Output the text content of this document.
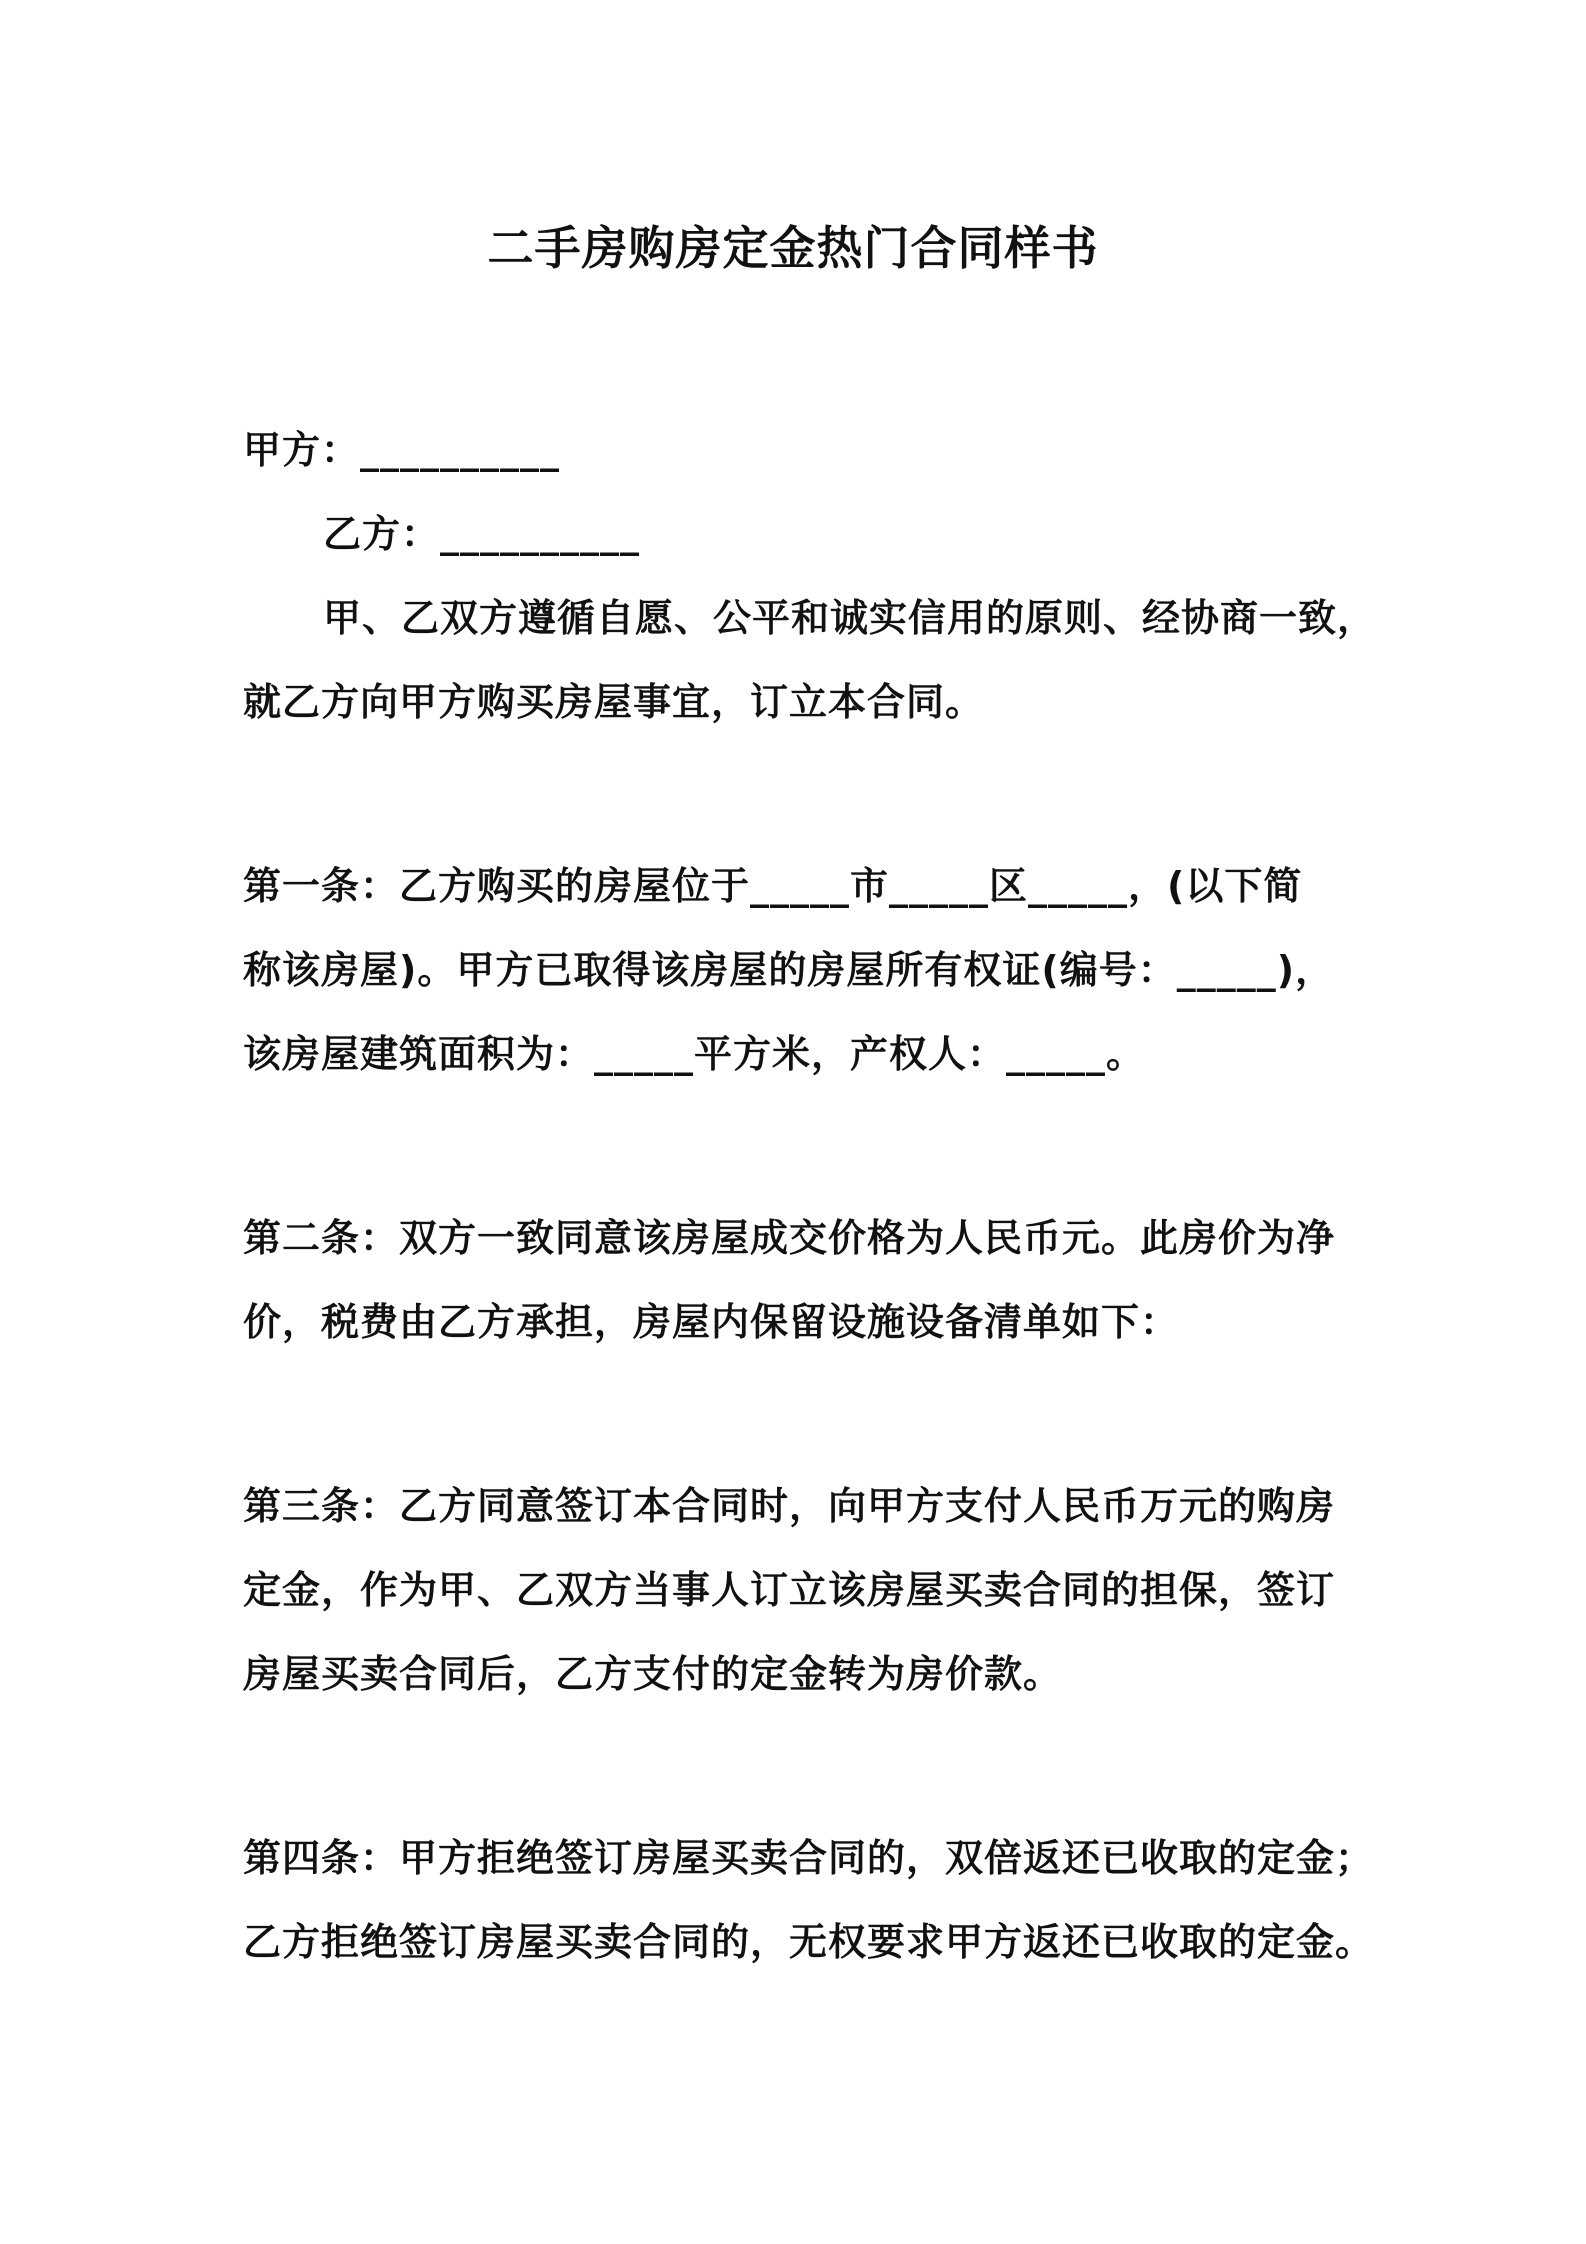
二手房购房定金热门合同样书

甲方：__________

乙方：__________

甲、乙双方遵循自愿、公平和诚实信用的原则、经协商一致，

就乙方向甲方购买房屋事宜，订立本合同。

第一条：乙方购买的房屋位于_____市_____区_____，(以下简

称该房屋)。甲方已取得该房屋的房屋所有权证(编号：_____)，

该房屋建筑面积为：_____平方米，产权人：_____。

第二条：双方一致同意该房屋成交价格为人民币元。此房价为净

价，税费由乙方承担，房屋内保留设施设备清单如下：

第三条：乙方同意签订本合同时，向甲方支付人民币万元的购房

定金，作为甲、乙双方当事人订立该房屋买卖合同的担保，签订

房屋买卖合同后，乙方支付的定金转为房价款。

第四条：甲方拒绝签订房屋买卖合同的，双倍返还已收取的定金；

乙方拒绝签订房屋买卖合同的，无权要求甲方返还已收取的定金。
